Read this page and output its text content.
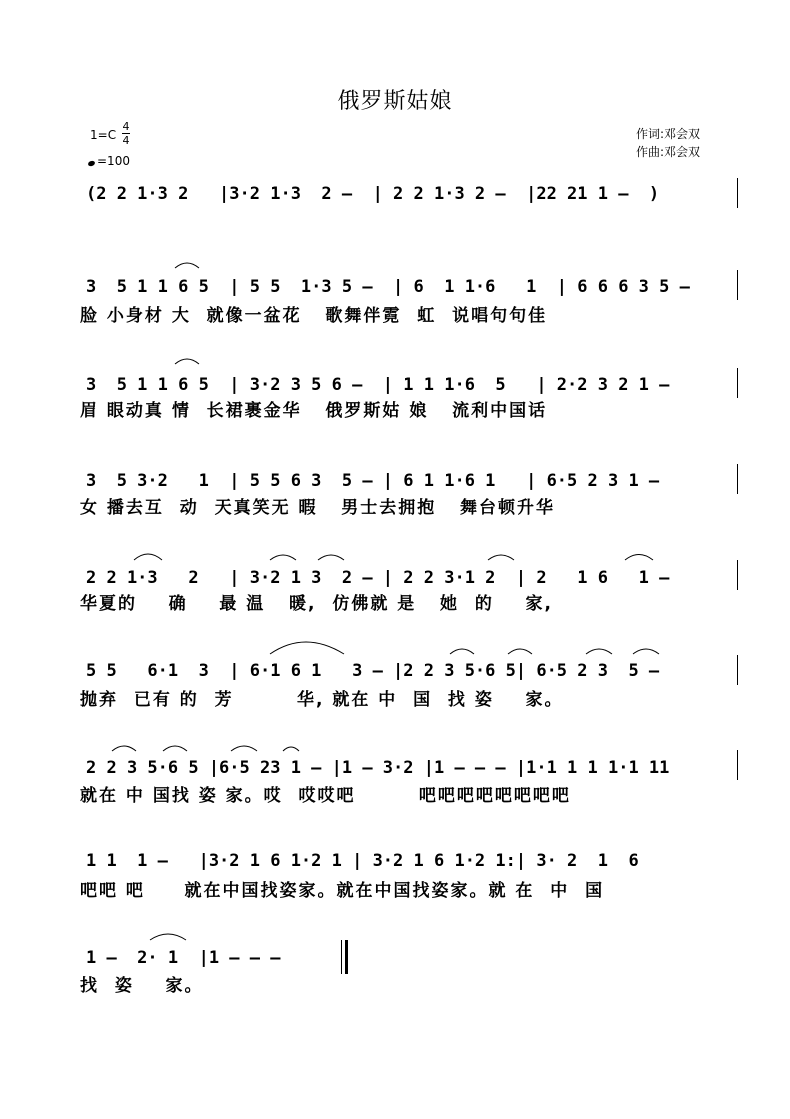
俄罗斯姑娘
1=C
4
4
=100
作词:邓会双
作曲:邓会双
(2 2 1·3 2   |3·2 1·3  2 –  | 2 2 1·3 2 –  |22 21 1 –  )
3  5 1 1 6 5  | 5 5  1·3 5 –  | 6  1 1·6   1  | 6 6 6 3 5 –
脸 小身材 大  就像一盆花   歌舞伴霓  虹  说唱句句佳
3  5 1 1 6 5  | 3·2 3 5 6 –  | 1 1 1·6  5   | 2·2 3 2 1 –
眉 眼动真 情  长裙裹金华   俄罗斯姑 娘   流利中国话
3  5 3·2   1  | 5 5 6 3  5 – | 6 1 1·6 1   | 6·5 2 3 1 –
女 播去互  动  天真笑无 暇   男士去拥抱   舞台顿升华
2 2 1·3   2   | 3·2 1 3  2 – | 2 2 3·1 2  | 2   1 6   1 –
华夏的    确    最 温   暖,  仿佛就 是   她  的    家,
5 5   6·1  3  | 6·1 6 1   3 – |2 2 3 5·6 5| 6·5 2 3  5 –
抛弃  已有 的  芳        华, 就在 中  国  找 姿    家。
2 2 3 5·6 5 |6·5 23 1 – |1 – 3·2 |1 – – – |1·1 1 1 1·1 11
就在 中 国找 姿 家。哎  哎哎吧        吧吧吧吧吧吧吧吧
1 1  1 –   |3·2 1 6 1·2 1 | 3·2 1 6 1·2 1:| 3· 2  1  6
吧吧 吧     就在中国找姿家。就在中国找姿家。就 在  中  国
1 –  2· 1  |1 – – –
找  姿    家。
